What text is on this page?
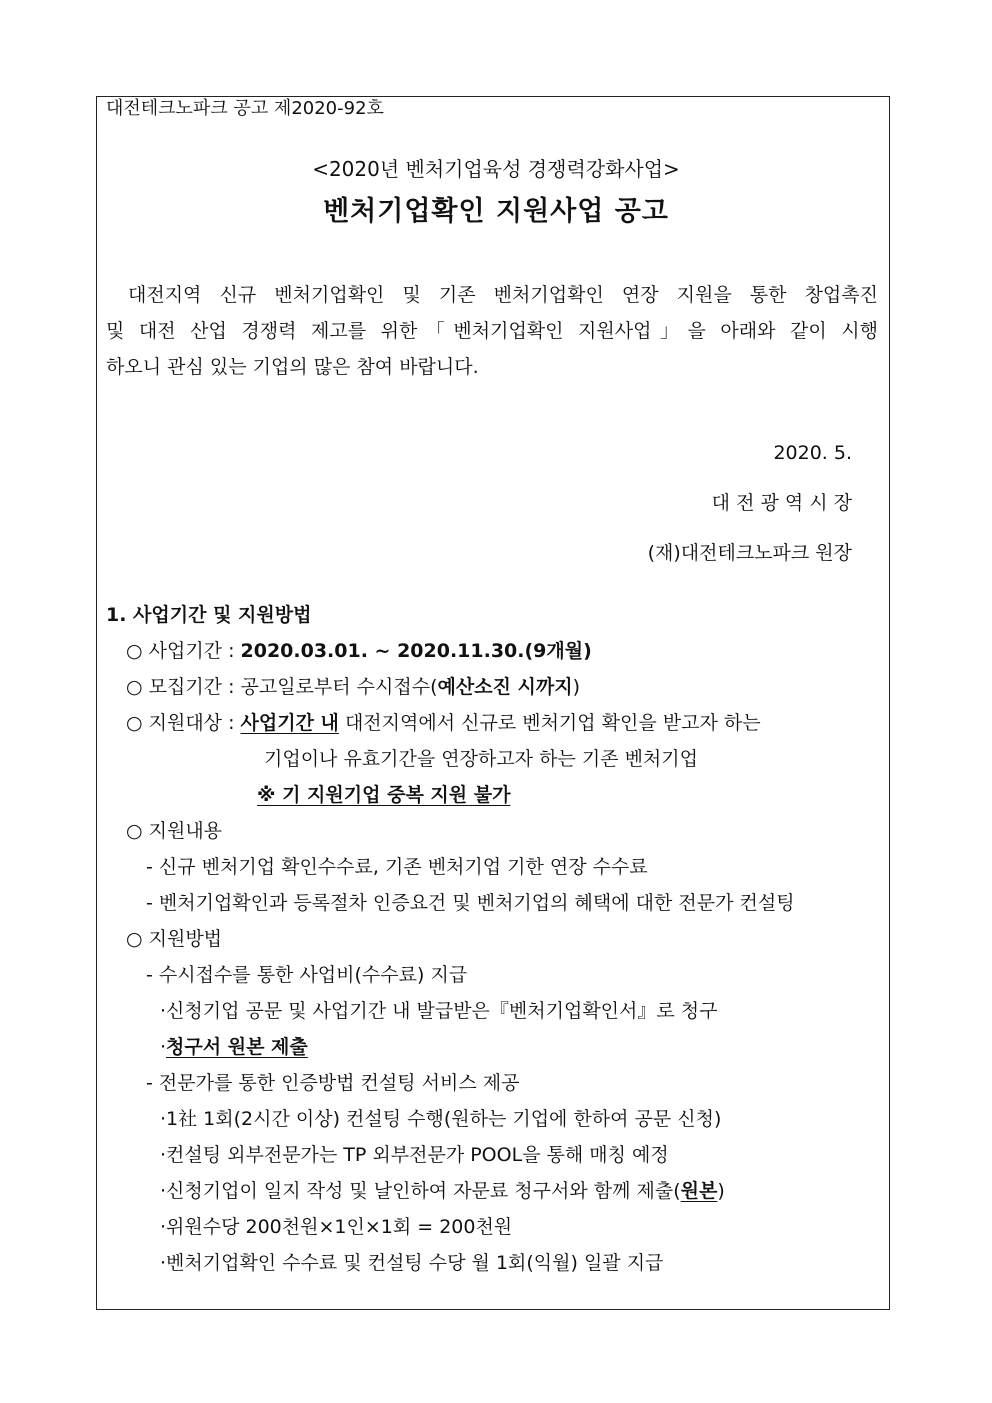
대전테크노파크 공고 제2020-92호
<2020년 벤처기업육성 경쟁력강화사업>
벤처기업확인 지원사업 공고
대전지역 신규 벤처기업확인 및 기존 벤처기업확인 연장 지원을 통한 창업촉진
및 대전 산업 경쟁력 제고를 위한「벤처기업확인 지원사업」을 아래와 같이 시행
하오니 관심 있는 기업의 많은 참여 바랍니다.
2020. 5.
대 전 광 역 시 장
(재)대전테크노파크 원장
1. 사업기간 및 지원방법
○ 사업기간 : 2020.03.01. ~ 2020.11.30.(9개월)
○ 모집기간 : 공고일로부터 수시접수(예산소진 시까지)
○ 지원대상 : 사업기간 내 대전지역에서 신규로 벤처기업 확인을 받고자 하는
기업이나 유효기간을 연장하고자 하는 기존 벤처기업
※ 기 지원기업 중복 지원 불가
○ 지원내용
- 신규 벤처기업 확인수수료, 기존 벤처기업 기한 연장 수수료
- 벤처기업확인과 등록절차 인증요건 및 벤처기업의 혜택에 대한 전문가 컨설팅
○ 지원방법
- 수시접수를 통한 사업비(수수료) 지급
·신청기업 공문 및 사업기간 내 발급받은『벤처기업확인서』로 청구
·청구서 원본 제출
- 전문가를 통한 인증방법 컨설팅 서비스 제공
·1社 1회(2시간 이상) 컨설팅 수행(원하는 기업에 한하여 공문 신청)
·컨설팅 외부전문가는 TP 외부전문가 POOL을 통해 매칭 예정
·신청기업이 일지 작성 및 날인하여 자문료 청구서와 함께 제출(원본)
·위원수당 200천원×1인×1회 = 200천원
·벤처기업확인 수수료 및 컨설팅 수당 월 1회(익월) 일괄 지급
